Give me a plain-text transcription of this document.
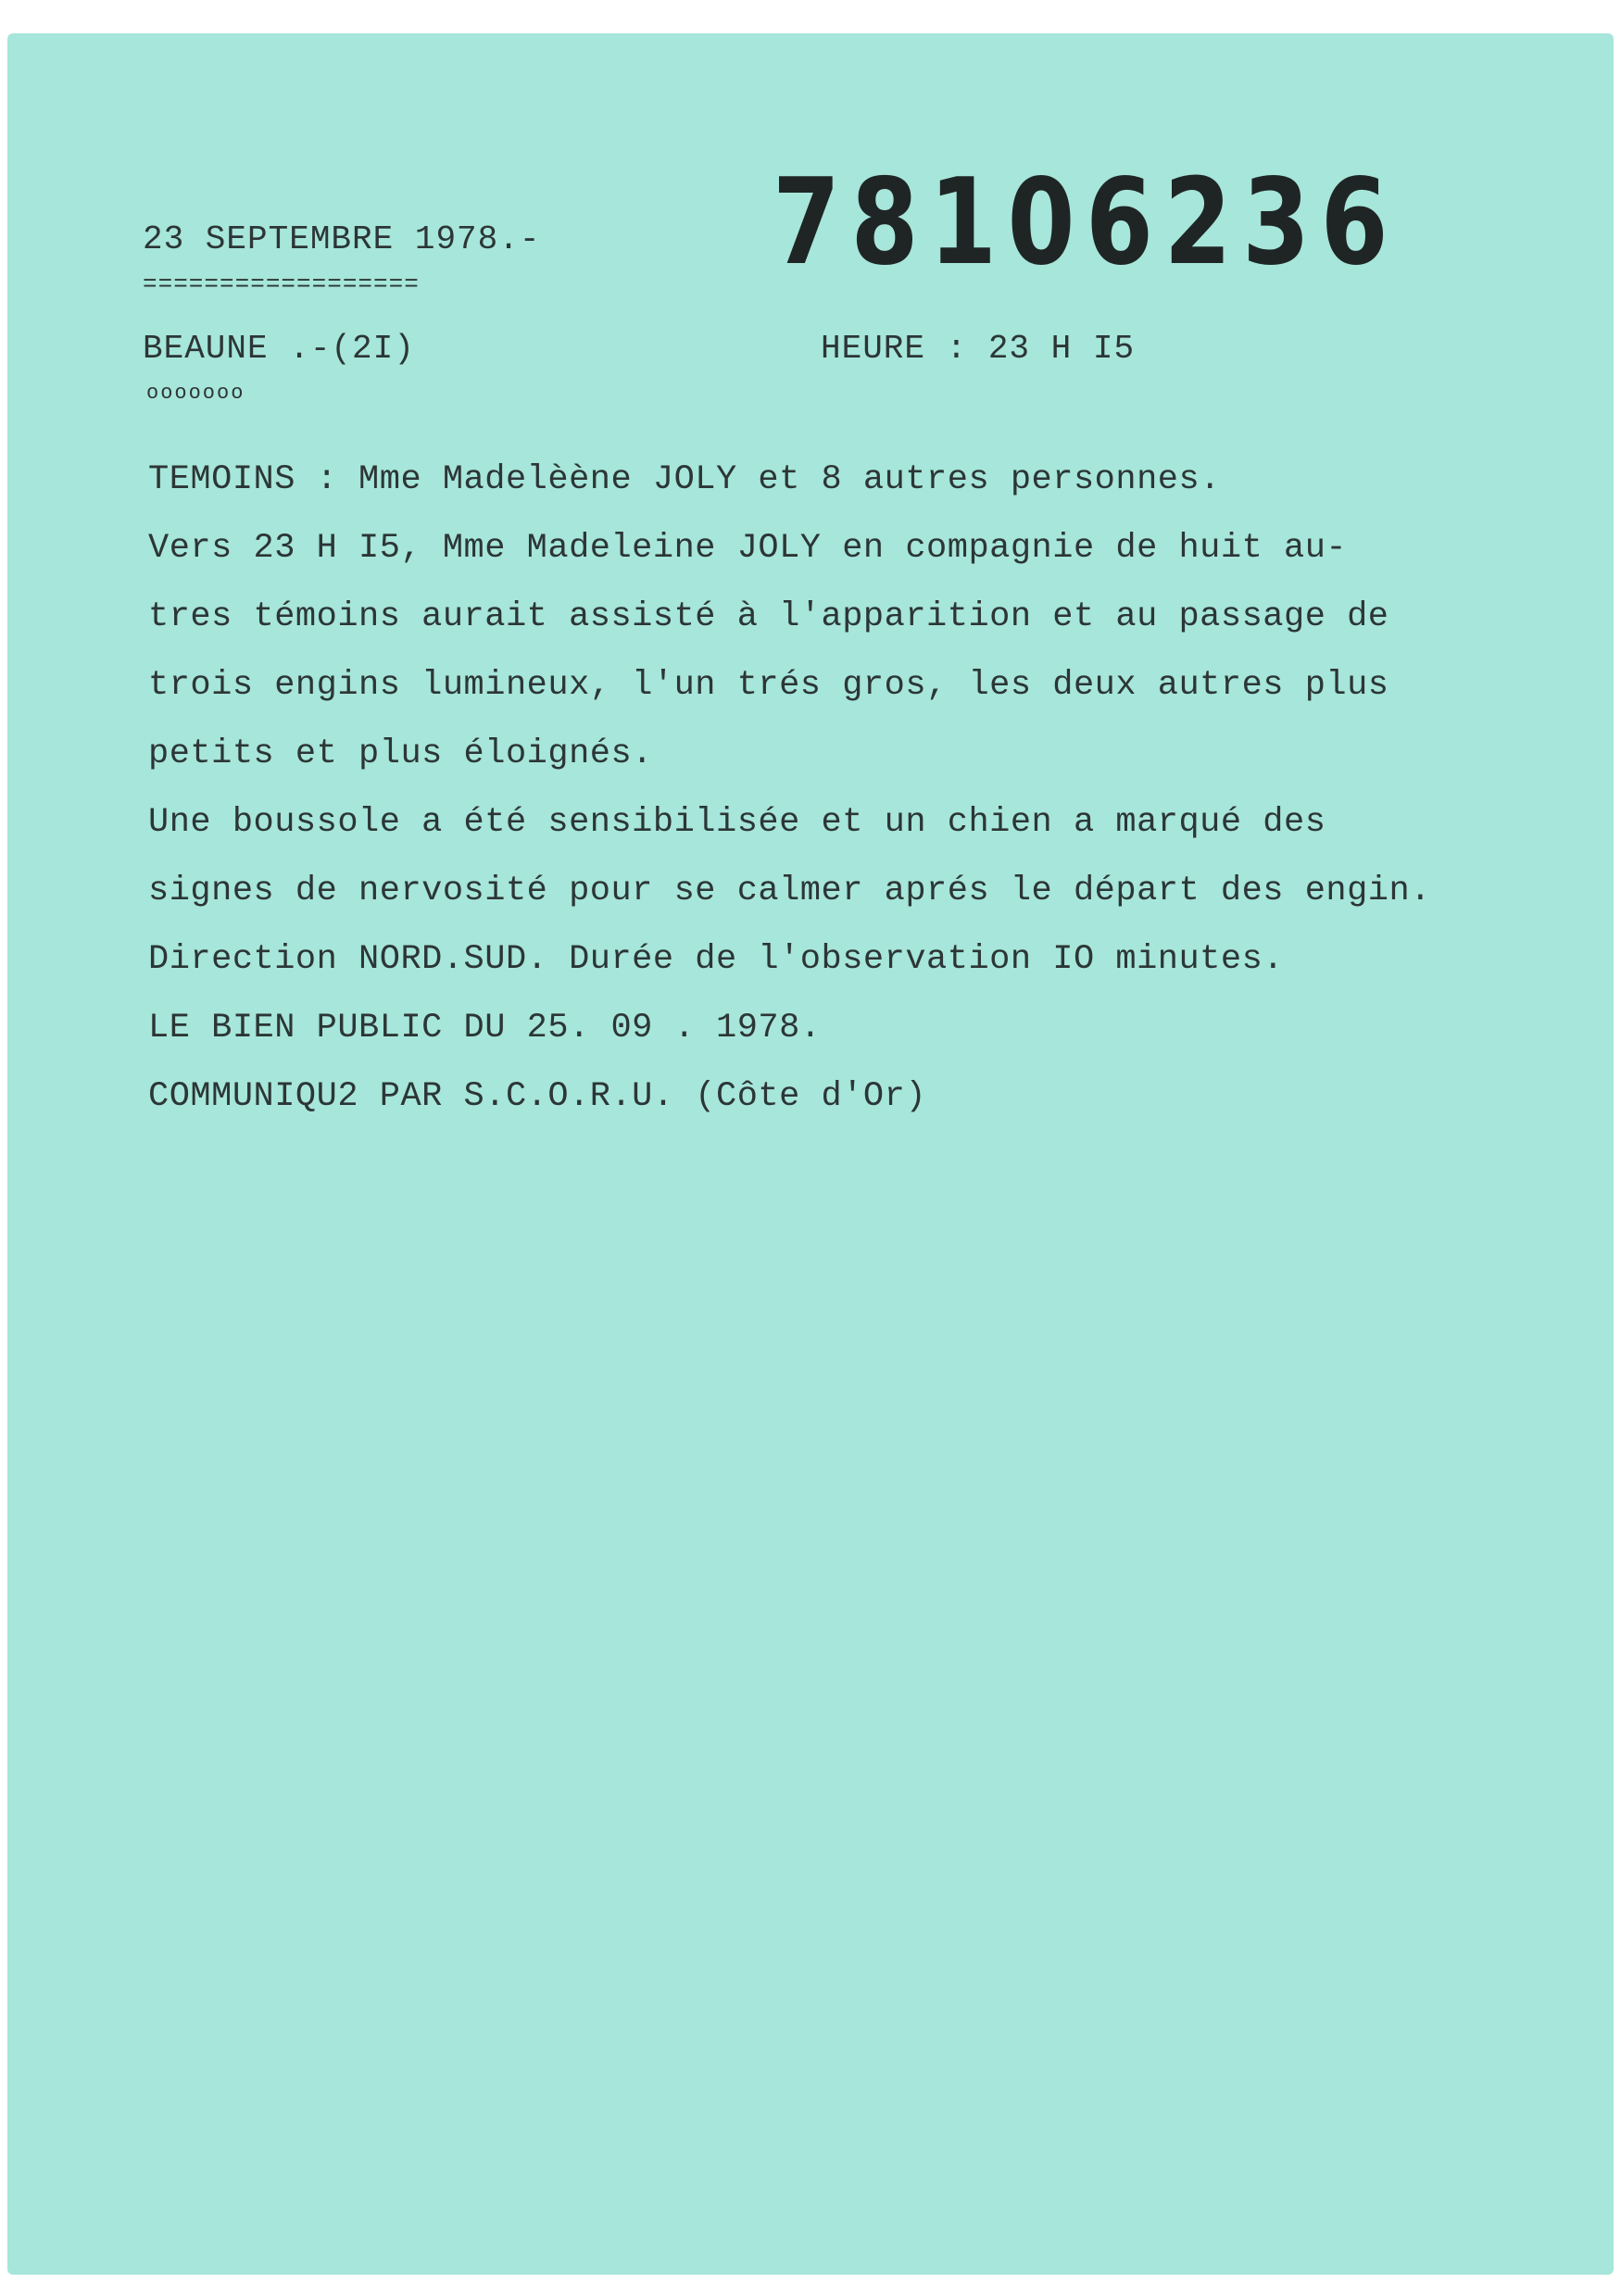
23 SEPTEMBRE 1978.-
==================	78106236
BEAUNE .-(2I)
ooooooo
HEURE : 23 H I5
TEMOINS : Mme Madelèène JOLY et 8 autres personnes.
Vers 23 H I5, Mme Madeleine JOLY en compagnie de huit au-
tres témoins aurait assisté à l'apparition et au passage de
trois engins lumineux, l'un trés gros, les deux autres plus
petits et plus éloignés.
Une boussole a été sensibilisée et un chien a marqué des
signes de nervosité pour se calmer aprés le départ des engin.
Direction NORD.SUD. Durée de l'observation IO minutes.
LE BIEN PUBLIC DU 25. 09 . 1978.
COMMUNIQU2 PAR S.C.O.R.U. (Côte d'Or)
